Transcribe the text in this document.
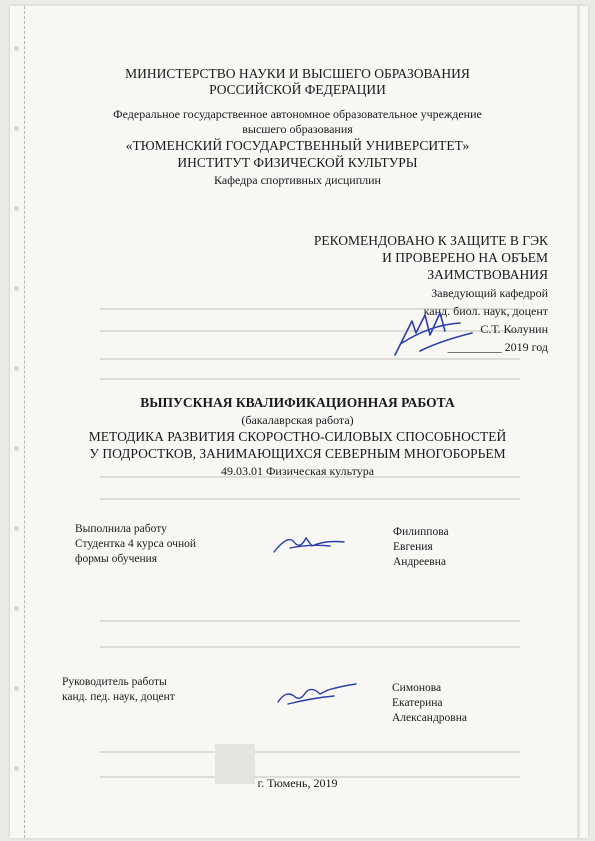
МИНИСТЕРСТВО НАУКИ И ВЫСШЕГО ОБРАЗОВАНИЯ
РОССИЙСКОЙ ФЕДЕРАЦИИ
Федеральное государственное автономное образовательное учреждение
высшего образования
«ТЮМЕНСКИЙ ГОСУДАРСТВЕННЫЙ УНИВЕРСИТЕТ»
ИНСТИТУТ ФИЗИЧЕСКОЙ КУЛЬТУРЫ
Кафедра спортивных дисциплин
РЕКОМЕНДОВАНО К ЗАЩИТЕ В ГЭК
И ПРОВЕРЕНО НА ОБЪЕМ
ЗАИМСТВОВАНИЯ
Заведующий кафедрой
канд. биол. наук, доцент
С.Т. Колунин
_________ 2019 год
ВЫПУСКНАЯ КВАЛИФИКАЦИОННАЯ РАБОТА
(бакалаврская работа)
МЕТОДИКА РАЗВИТИЯ СКОРОСТНО-СИЛОВЫХ СПОСОБНОСТЕЙ
У ПОДРОСТКОВ, ЗАНИМАЮЩИХСЯ СЕВЕРНЫМ МНОГОБОРЬЕМ
49.03.01 Физическая культура
Выполнила работу
Студентка 4 курса очной
формы обучения
Филиппова
Евгения
Андреевна
Руководитель работы
канд. пед. наук, доцент
Симонова
Екатерина
Александровна
г. Тюмень, 2019
